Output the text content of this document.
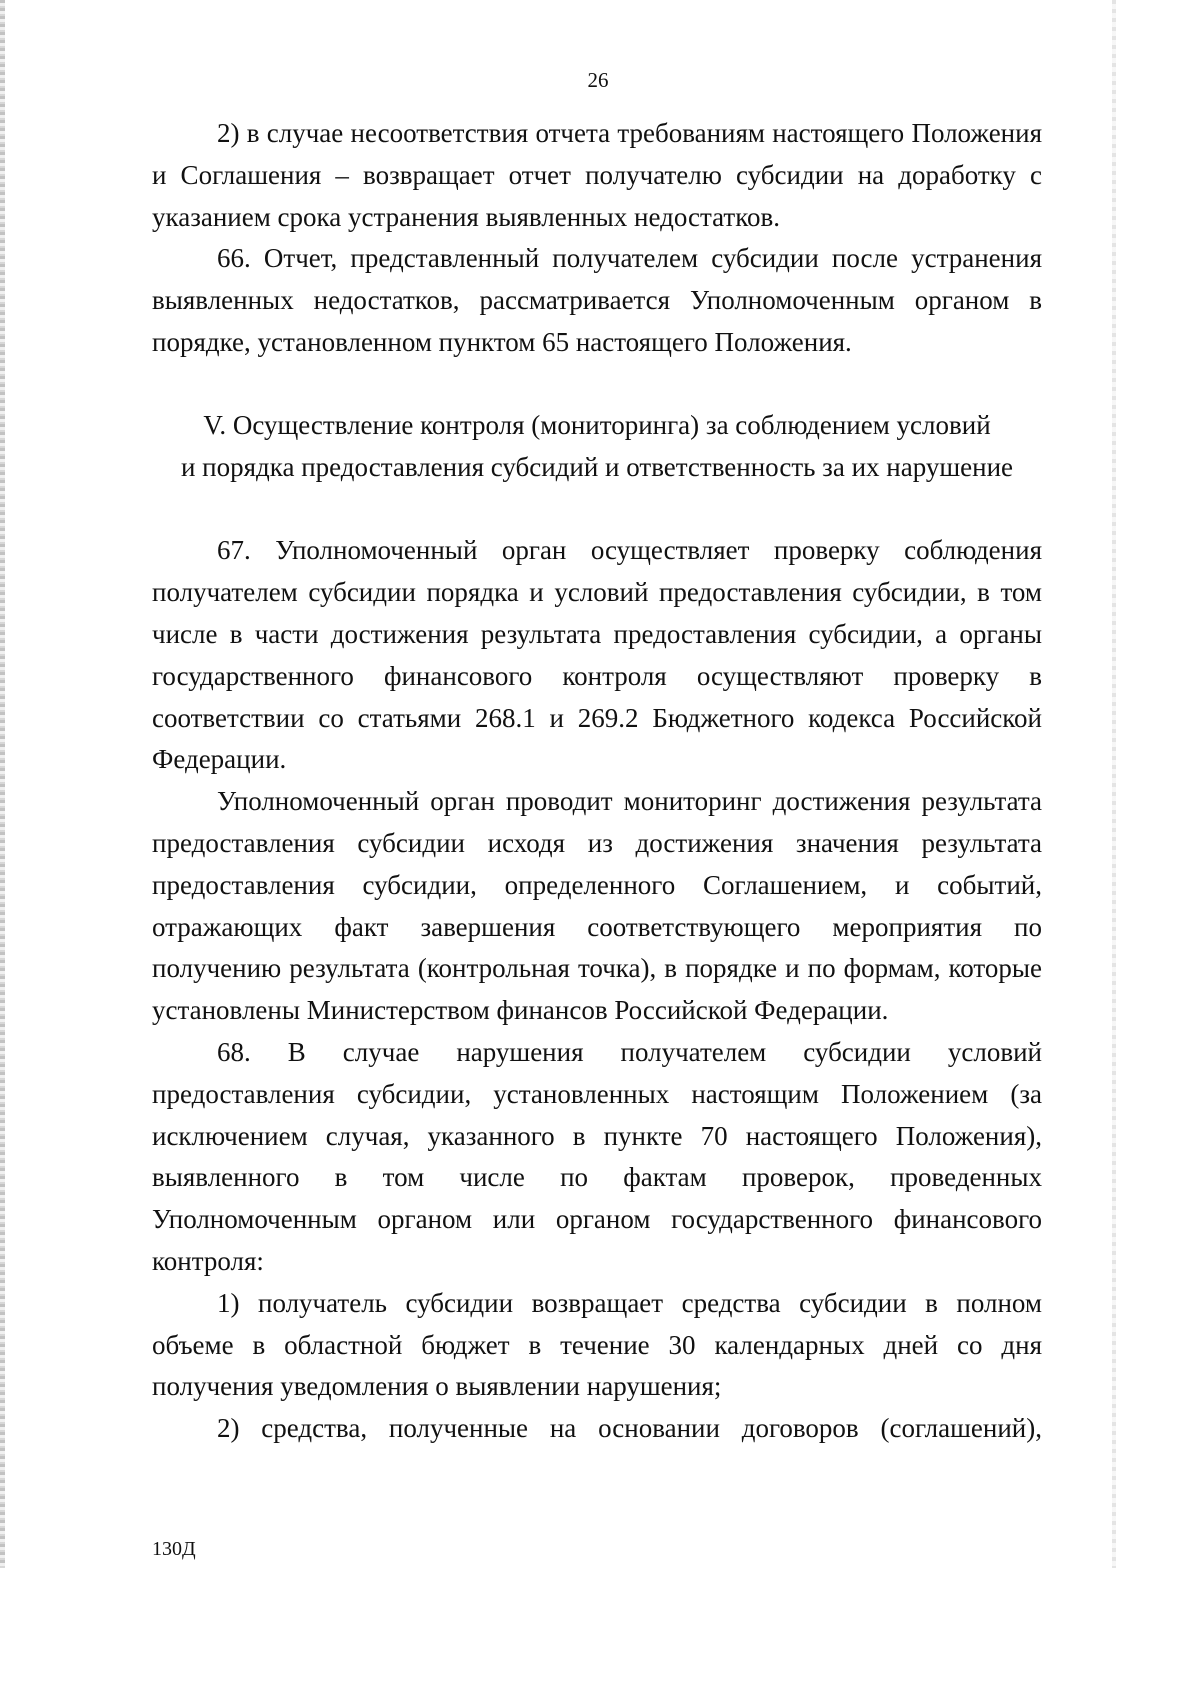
26

2) в случае несоответствия отчета требованиям настоящего Положения и Соглашения – возвращает отчет получателю субсидии на доработку с указанием срока устранения выявленных недостатков.

66. Отчет, представленный получателем субсидии после устранения выявленных недостатков, рассматривается Уполномоченным органом в порядке, установленном пунктом 65 настоящего Положения.

V. Осуществление контроля (мониторинга) за соблюдением условий
и порядка предоставления субсидий и ответственность за их нарушение

67. Уполномоченный орган осуществляет проверку соблюдения получателем субсидии порядка и условий предоставления субсидии, в том числе в части достижения результата предоставления субсидии, а органы государственного финансового контроля осуществляют проверку в соответствии со статьями 268.1 и 269.2 Бюджетного кодекса Российской Федерации.

Уполномоченный орган проводит мониторинг достижения результата предоставления субсидии исходя из достижения значения результата предоставления субсидии, определенного Соглашением, и событий, отражающих факт завершения соответствующего мероприятия по получению результата (контрольная точка), в порядке и по формам, которые установлены Министерством финансов Российской Федерации.

68. В случае нарушения получателем субсидии условий предоставления субсидии, установленных настоящим Положением (за исключением случая, указанного в пункте 70 настоящего Положения), выявленного в том числе по фактам проверок, проведенных Уполномоченным органом или органом государственного финансового контроля:

1) получатель субсидии возвращает средства субсидии в полном объеме в областной бюджет в течение 30 календарных дней со дня получения уведомления о выявлении нарушения;

2) средства, полученные на основании договоров (соглашений),

130Д
